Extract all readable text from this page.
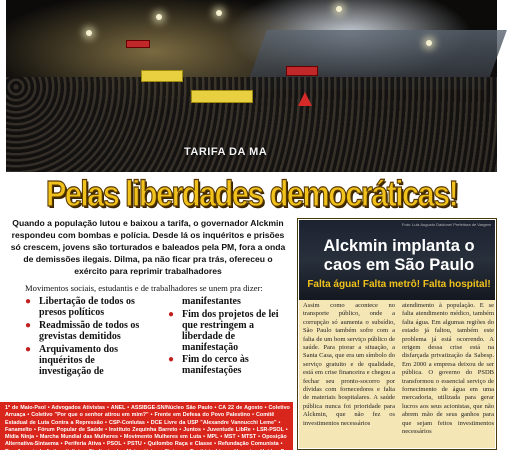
TARIFA DA MA
Pelas liberdades democráticas!
Quando a população lutou e baixou a tarifa, o governador Alckmin respondeu com bombas e polícia. Desde lá os inquéritos e prisões só crescem, jovens são torturados e baleados pela PM, fora a onda de demissões ilegais. Dilma, pa não ficar pra trás, ofereceu o exército para reprimir trabalhadores
Movimentos sociais, estudantis e de trabalhadores se unem pra dizer:
● Libertação de todos os presos políticos
● Readmissão de todos os grevistas demitidos
● Arquivamento dos inquéritos de investigação de
manifestantes
● Fim dos projetos de lei que restringem a liberdade de manifestação
● Fim do cerco às manifestações
1º de Maio-Psol • Advogados Ativistas • ANEL • ASSIBGE-SN/Núcleo São Paulo • CA 22 de Agosto • Coletivo Arruaça • Coletivo "Por que o senhor atirou em mim?" • Frente em Defesa do Povo Palestino • Comitê Estadual de Luta Contra a Repressão • CSP-Conlutas • DCE Livre da USP "Alexandre Vannucchi Leme" • Fanamelto • Fórum Popular de Saúde • Instituto Zequinha Barreto • Juntos • Juventude LibRe • LSR-PSOL • Mídia Ninja • Marcha Mundial das Mulheres • Movimento Mulheres em Luta • MPL • MST • MTST • Oposição Alternativa-Sintaema • Periferia Ativa • PSOL • PSTU • Quilombo Raça e Classe • Refundação Comunista • Rua Juventude Anticapitalista • Sindicato dos Metroviários • Sintusp • Território Livre • Unearte • Unidos Pra Lutar • Adriano Diogo (dep. est.)
Foto: Luiz Augusto Daidone/ Prefeitura de Vargem
Alckmin implanta o caos em São Paulo
Falta água! Falta metrô! Falta hospital!
Assim como acontece no transporte público, onde a corrupção só aumenta o subsídio, São Paulo também sofre com a falta de um bom serviço público de saúde. Para piorar a situação, a Santa Casa, que era um símbolo do serviço gratuito e de qualidade, está em crise financeira e chegou a fechar seu pronto-socorro por dívidas com fornecedores e falta de materiais hospitalares. A saúde pública nunca foi prioridade para Alckmin, que não fez os investimentos necessários
atendimento à população. E se falta atendimento médico, também falta água. Em algumas regiões do estado já faltou, também este problema já está ocorrendo. A origem dessa crise está na disfarçada privatização da Sabesp. Em 2000 a empresa deixou de ser pública. O governo do PSDB transformou o essencial serviço de fornecimento de água em uma mercadoria, utilizada para gerar lucros aos seus acionistas, que não abrem mão de seus ganhos para que sejam feitos investimentos necessários
